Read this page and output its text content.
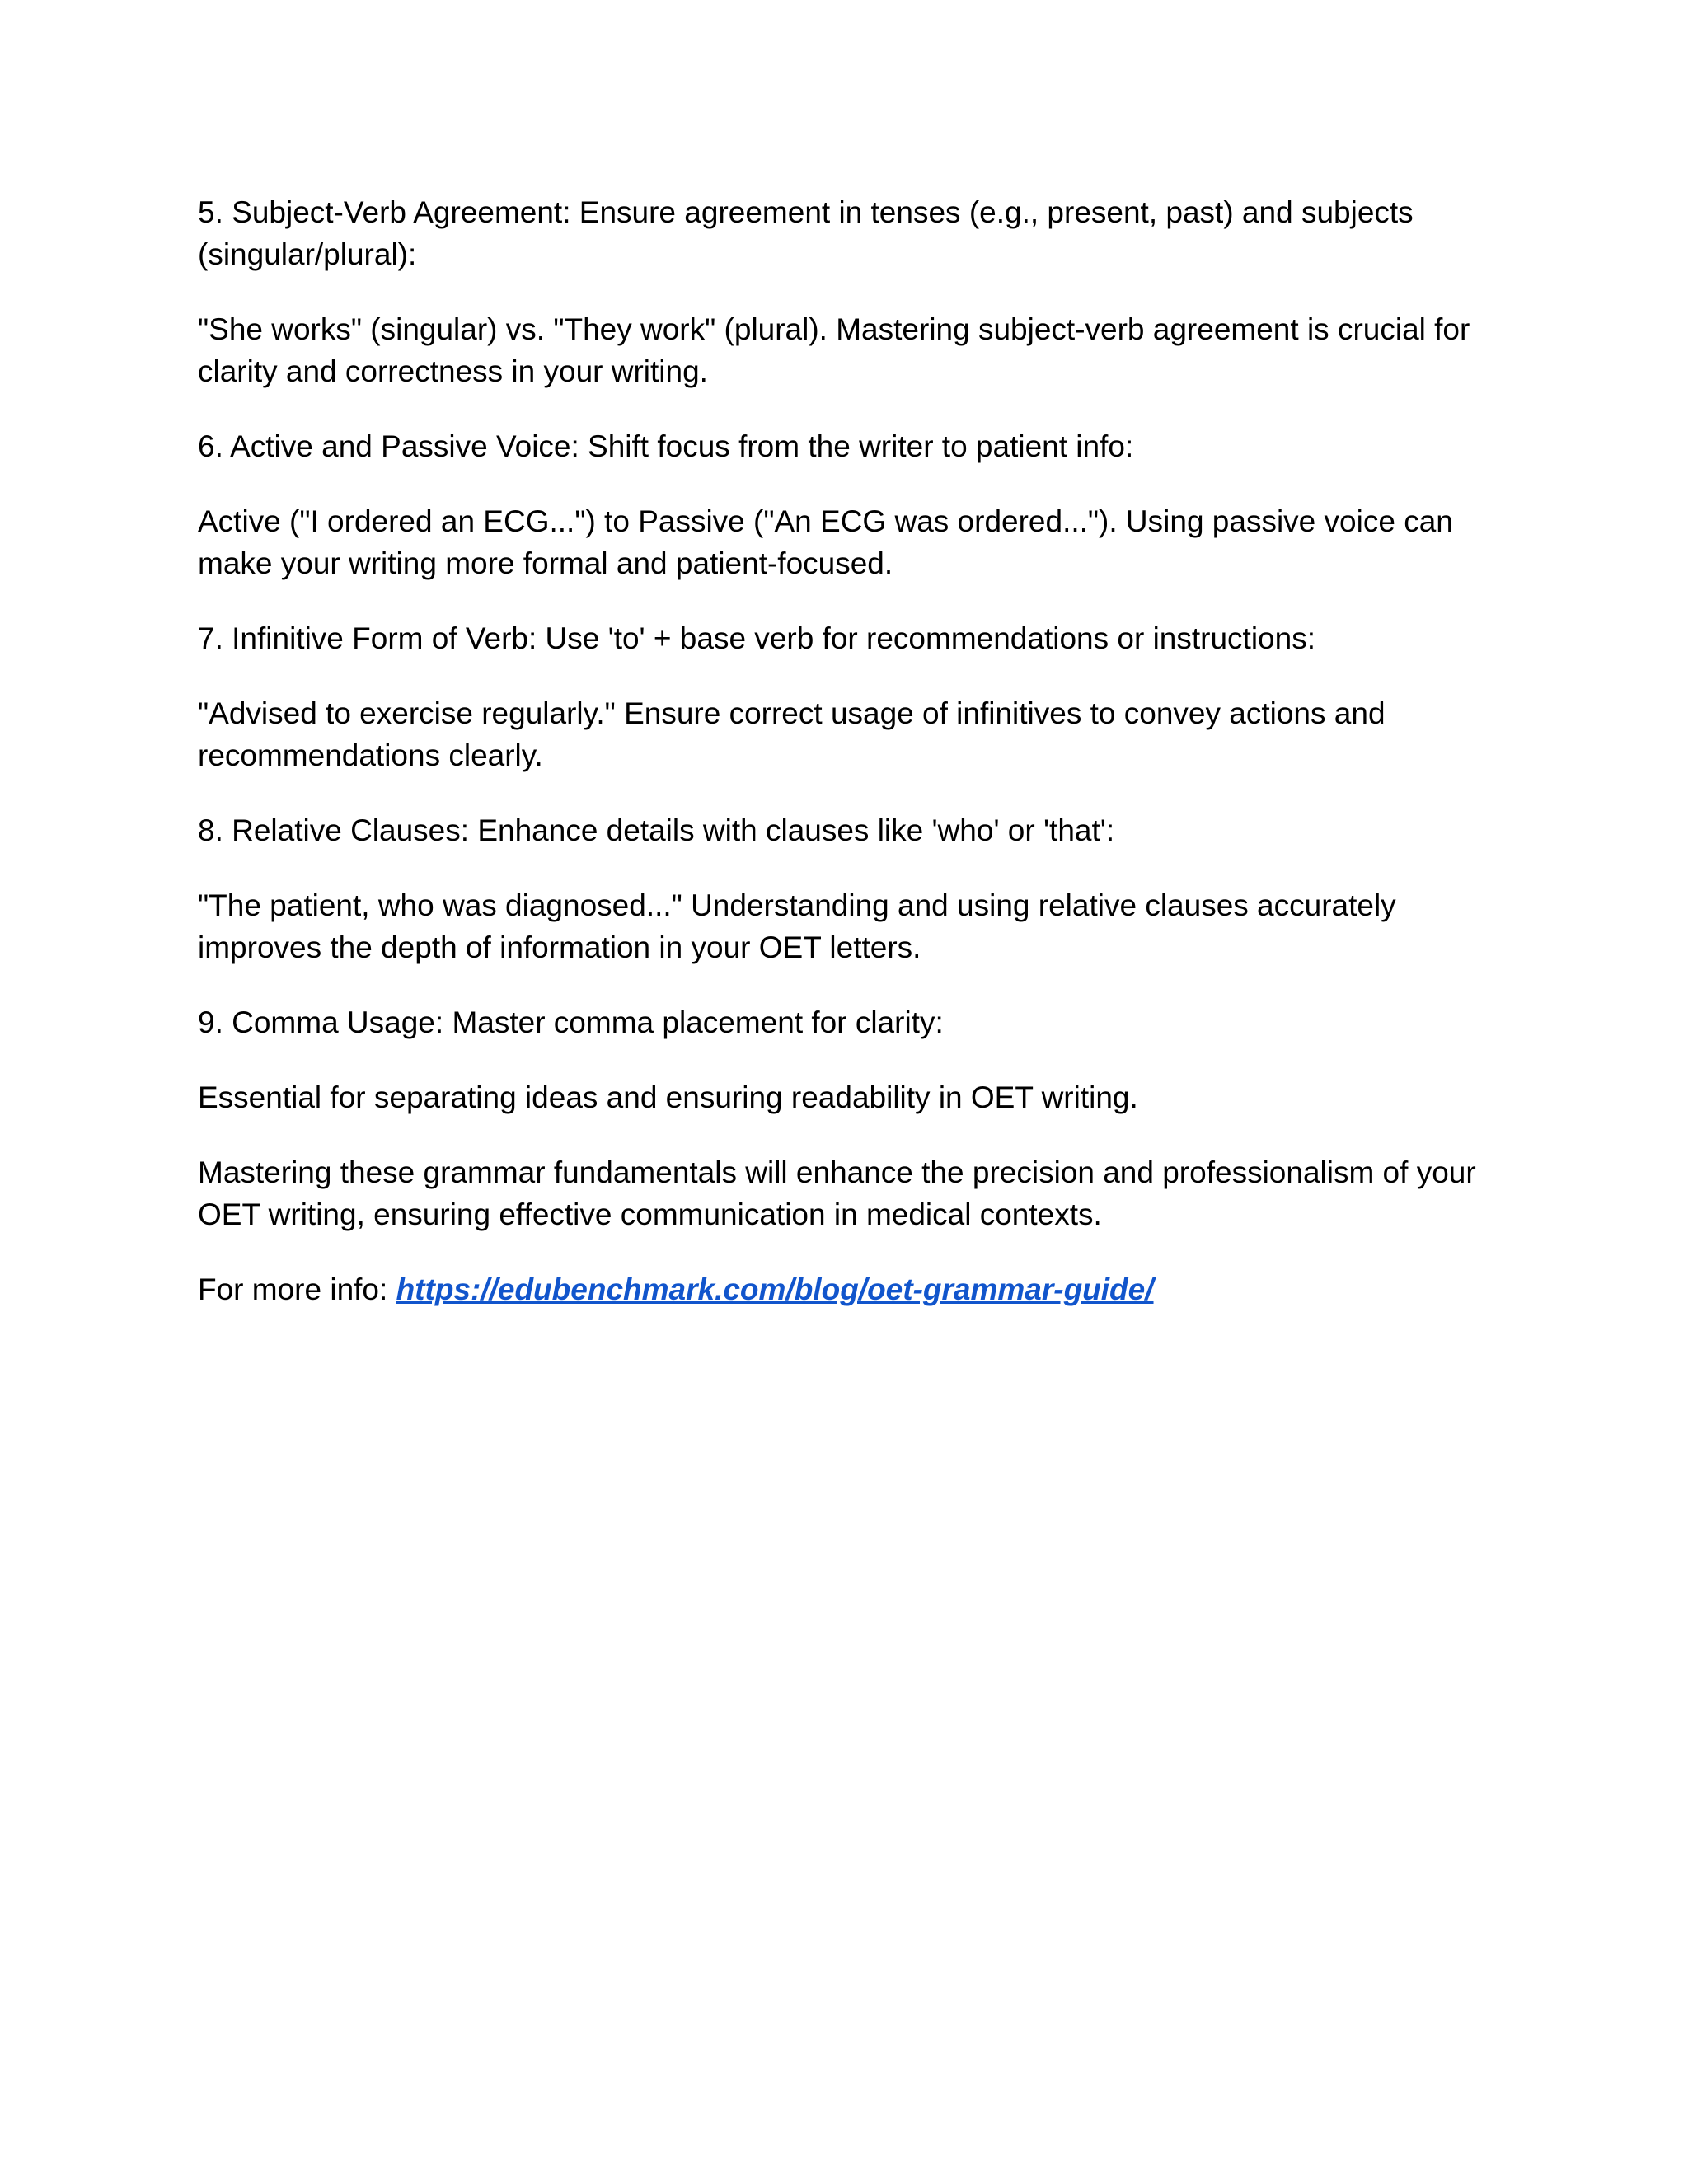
5. Subject-Verb Agreement: Ensure agreement in tenses (e.g., present, past) and subjects (singular/plural):

"She works" (singular) vs. "They work" (plural). Mastering subject-verb agreement is crucial for clarity and correctness in your writing.

6. Active and Passive Voice: Shift focus from the writer to patient info:

Active ("I ordered an ECG...") to Passive ("An ECG was ordered..."). Using passive voice can make your writing more formal and patient-focused.

7. Infinitive Form of Verb: Use 'to' + base verb for recommendations or instructions:

"Advised to exercise regularly." Ensure correct usage of infinitives to convey actions and recommendations clearly.

8. Relative Clauses: Enhance details with clauses like 'who' or 'that':

"The patient, who was diagnosed..." Understanding and using relative clauses accurately improves the depth of information in your OET letters.

9. Comma Usage: Master comma placement for clarity:

Essential for separating ideas and ensuring readability in OET writing.

Mastering these grammar fundamentals will enhance the precision and professionalism of your OET writing, ensuring effective communication in medical contexts.

For more info: https://edubenchmark.com/blog/oet-grammar-guide/
